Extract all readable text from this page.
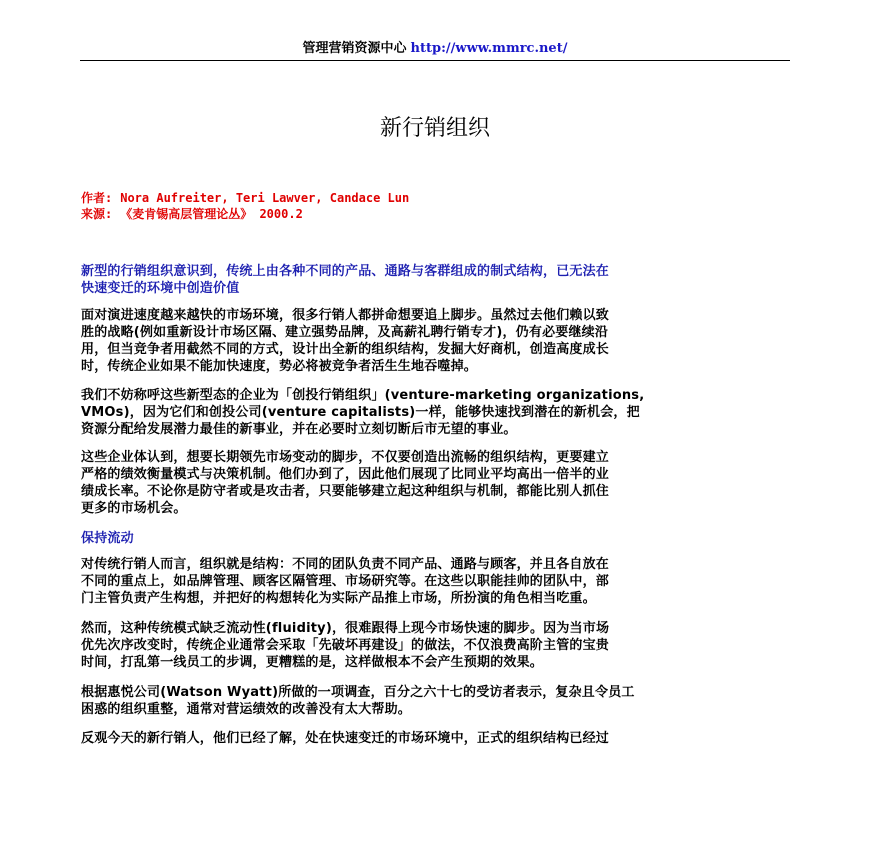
管理营销资源中心 http://www.mmrc.net/
新行销组织
作者: Nora Aufreiter, Teri Lawver, Candace Lun
来源: 《麦肯锡高层管理论丛》 2000.2
新型的行销组织意识到，传统上由各种不同的产品、通路与客群组成的制式结构，已无法在
快速变迁的环境中创造价值
面对演进速度越来越快的市场环境，很多行销人都拼命想要追上脚步。虽然过去他们赖以致
胜的战略(例如重新设计市场区隔、建立强势品牌，及高薪礼聘行销专才)，仍有必要继续沿
用，但当竞争者用截然不同的方式，设计出全新的组织结构，发掘大好商机，创造高度成长
时，传统企业如果不能加快速度，势必将被竞争者活生生地吞噬掉。
我们不妨称呼这些新型态的企业为「创投行销组织」(venture-marketing organizations,
VMOs)，因为它们和创投公司(venture capitalists)一样，能够快速找到潜在的新机会，把
资源分配给发展潜力最佳的新事业，并在必要时立刻切断后市无望的事业。
这些企业体认到，想要长期领先市场变动的脚步，不仅要创造出流畅的组织结构，更要建立
严格的绩效衡量模式与决策机制。他们办到了，因此他们展现了比同业平均高出一倍半的业
绩成长率。不论你是防守者或是攻击者，只要能够建立起这种组织与机制，都能比别人抓住
更多的市场机会。
保持流动
对传统行销人而言，组织就是结构：不同的团队负责不同产品、通路与顾客，并且各自放在
不同的重点上，如品牌管理、顾客区隔管理、市场研究等。在这些以职能挂帅的团队中，部
门主管负责产生构想，并把好的构想转化为实际产品推上市场，所扮演的角色相当吃重。
然而，这种传统模式缺乏流动性(fluidity)，很难跟得上现今市场快速的脚步。因为当市场
优先次序改变时，传统企业通常会采取「先破坏再建设」的做法，不仅浪费高阶主管的宝贵
时间，打乱第一线员工的步调，更糟糕的是，这样做根本不会产生预期的效果。
根据惠悦公司(Watson Wyatt)所做的一项调查，百分之六十七的受访者表示，复杂且令员工
困惑的组织重整，通常对营运绩效的改善没有太大帮助。
反观今天的新行销人，他们已经了解，处在快速变迁的市场环境中，正式的组织结构已经过
